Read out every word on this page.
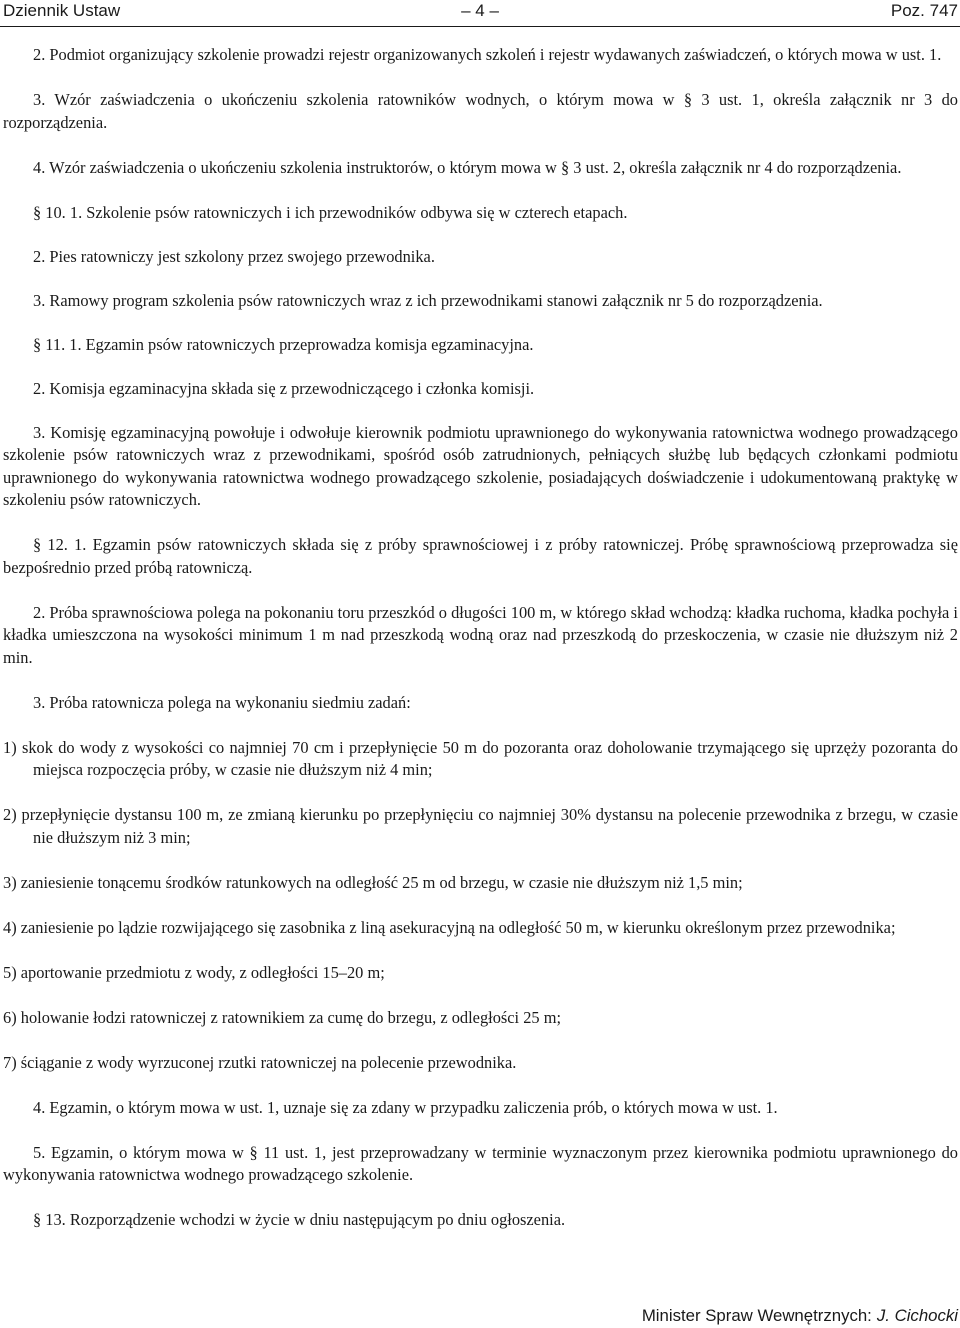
Dziennik Ustaw	– 4 –	Poz. 747

2. Podmiot organizujący szkolenie prowadzi rejestr organizowanych szkoleń i rejestr wydawanych zaświadczeń, o których mowa w ust. 1.

3. Wzór zaświadczenia o ukończeniu szkolenia ratowników wodnych, o którym mowa w § 3 ust. 1, określa załącznik nr 3 do rozporządzenia.

4. Wzór zaświadczenia o ukończeniu szkolenia instruktorów, o którym mowa w § 3 ust. 2, określa załącznik nr 4 do rozporządzenia.

§ 10. 1. Szkolenie psów ratowniczych i ich przewodników odbywa się w czterech etapach.

2. Pies ratowniczy jest szkolony przez swojego przewodnika.

3. Ramowy program szkolenia psów ratowniczych wraz z ich przewodnikami stanowi załącznik nr 5 do rozporządzenia.

§ 11. 1. Egzamin psów ratowniczych przeprowadza komisja egzaminacyjna.

2. Komisja egzaminacyjna składa się z przewodniczącego i członka komisji.

3. Komisję egzaminacyjną powołuje i odwołuje kierownik podmiotu uprawnionego do wykonywania ratownictwa wodnego prowadzącego szkolenie psów ratowniczych wraz z przewodnikami, spośród osób zatrudnionych, pełniących służbę lub będących członkami podmiotu uprawnionego do wykonywania ratownictwa wodnego prowadzącego szkolenie, posiadających doświadczenie i udokumentowaną praktykę w szkoleniu psów ratowniczych.

§ 12. 1. Egzamin psów ratowniczych składa się z próby sprawnościowej i z próby ratowniczej. Próbę sprawnościową przeprowadza się bezpośrednio przed próbą ratowniczą.

2. Próba sprawnościowa polega na pokonaniu toru przeszkód o długości 100 m, w którego skład wchodzą: kładka ruchoma, kładka pochyła i kładka umieszczona na wysokości minimum 1 m nad przeszkodą wodną oraz nad przeszkodą do przeskoczenia, w czasie nie dłuższym niż 2 min.

3. Próba ratownicza polega na wykonaniu siedmiu zadań:

1) skok do wody z wysokości co najmniej 70 cm i przepłynięcie 50 m do pozoranta oraz doholowanie trzymającego się uprzęży pozoranta do miejsca rozpoczęcia próby, w czasie nie dłuższym niż 4 min;

2) przepłynięcie dystansu 100 m, ze zmianą kierunku po przepłynięciu co najmniej 30% dystansu na polecenie przewodnika z brzegu, w czasie nie dłuższym niż 3 min;

3) zaniesienie tonącemu środków ratunkowych na odległość 25 m od brzegu, w czasie nie dłuższym niż 1,5 min;

4) zaniesienie po lądzie rozwijającego się zasobnika z liną asekuracyjną na odległość 50 m, w kierunku określonym przez przewodnika;

5) aportowanie przedmiotu z wody, z odległości 15–20 m;

6) holowanie łodzi ratowniczej z ratownikiem za cumę do brzegu, z odległości 25 m;

7) ściąganie z wody wyrzuconej rzutki ratowniczej na polecenie przewodnika.

4. Egzamin, o którym mowa w ust. 1, uznaje się za zdany w przypadku zaliczenia prób, o których mowa w ust. 1.

5. Egzamin, o którym mowa w § 11 ust. 1, jest przeprowadzany w terminie wyznaczonym przez kierownika podmiotu uprawnionego do wykonywania ratownictwa wodnego prowadzącego szkolenie.

§ 13. Rozporządzenie wchodzi w życie w dniu następującym po dniu ogłoszenia.

Minister Spraw Wewnętrznych: J. Cichocki
